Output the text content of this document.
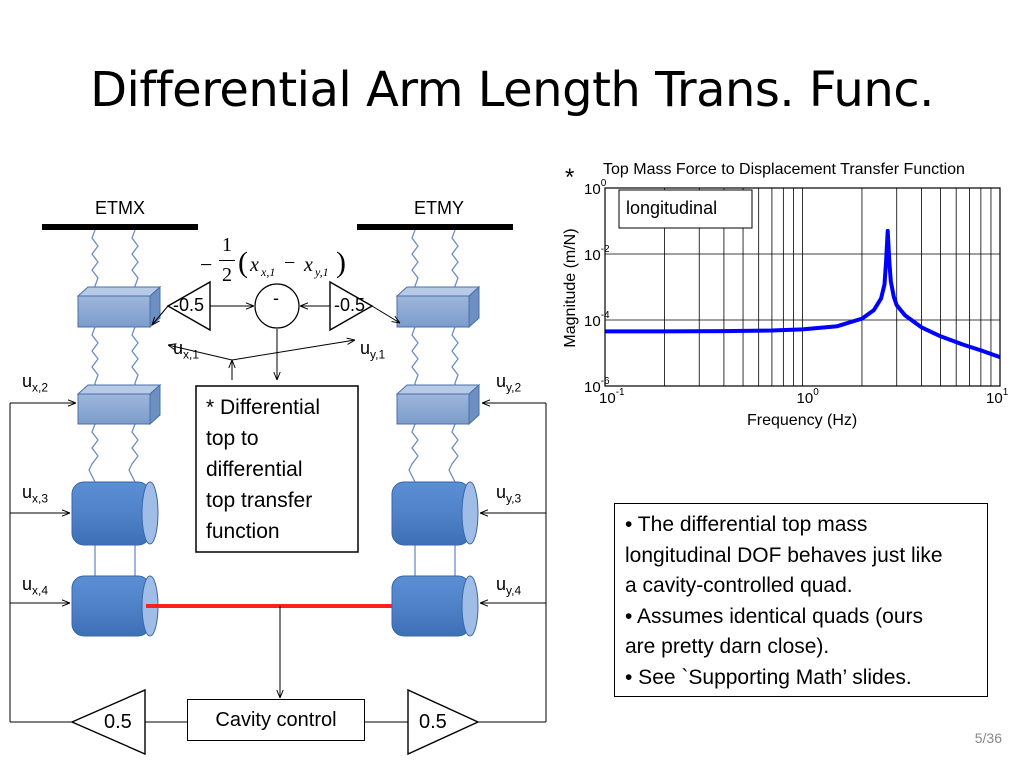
Differential Arm Length Trans. Func.
ETMX	ETMY
-0.5	-0.5
-
−
1
2 ( x x,1 − x y,1 )
$u_{x,1}$	$u_{y,1}$
$u_{x,2}$	$u_{y,2}$
$u_{x,3}$	$u_{y,3}$
$u_{x,4}$	$u_{y,4}$
* Differential
top to
differential
top transfer
function
Cavity control
0.5	0.5
* Top Mass Force to Displacement Transfer Function
Magnitude (m/N)
Frequency (Hz)
$10^0$
$10^{-2}$
$10^{-4}$
$10^{-6}$
$10^{-1}$	$10^0$	$10^1$
longitudinal
• The differential top mass
longitudinal DOF behaves just like
a cavity-controlled quad.
• Assumes identical quads (ours
are pretty darn close).
• See `Supporting Math’ slides.
5/36
